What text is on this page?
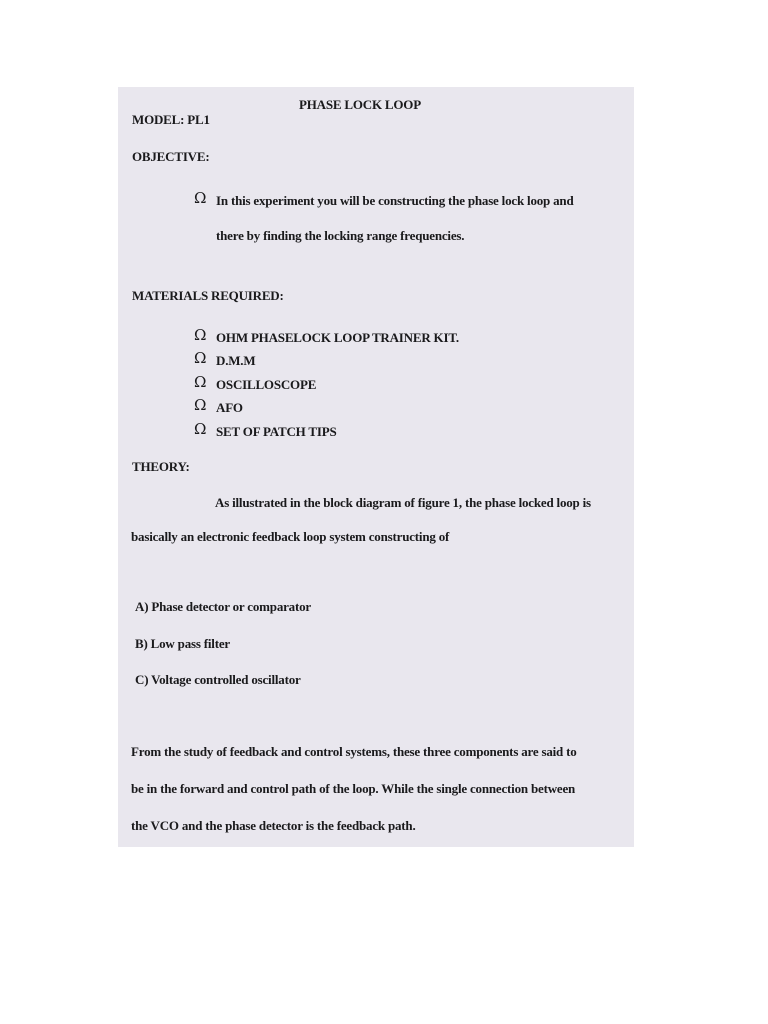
PHASE LOCK LOOP
MODEL: PL1
OBJECTIVE:
Ω In this experiment you will be constructing the phase lock loop and
there by finding the locking range frequencies.
MATERIALS REQUIRED:
Ω OHM PHASELOCK LOOP TRAINER KIT.
Ω D.M.M
Ω OSCILLOSCOPE
Ω AFO
Ω SET OF PATCH TIPS
THEORY:
As illustrated in the block diagram of figure 1, the phase locked loop is
basically an electronic feedback loop system constructing of
A) Phase detector or comparator
B) Low pass filter
C) Voltage controlled oscillator
From the study of feedback and control systems, these three components are said to
be in the forward and control path of the loop. While the single connection between
the VCO and the phase detector is the feedback path.
